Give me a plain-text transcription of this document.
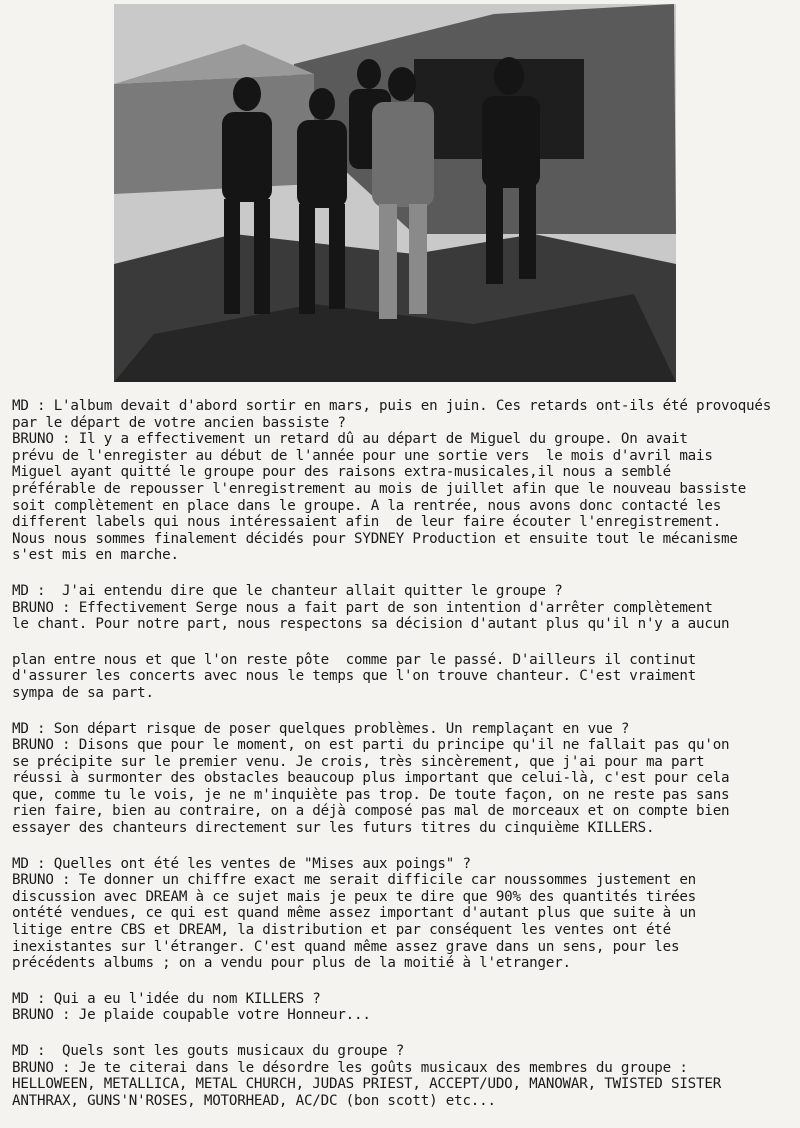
MD : L'album devait d'abord sortir en mars, puis en juin. Ces retards ont-ils été provoqués
par le départ de votre ancien bassiste ?
BRUNO : Il y a effectivement un retard dû au départ de Miguel du groupe. On avait
prévu de l'enregister au début de l'année pour une sortie vers  le mois d'avril mais
Miguel ayant quitté le groupe pour des raisons extra-musicales,il nous a semblé
préférable de repousser l'enregistrement au mois de juillet afin que le nouveau bassiste
soit complètement en place dans le groupe. A la rentrée, nous avons donc contacté les
different labels qui nous intéressaient afin  de leur faire écouter l'enregistrement.
Nous nous sommes finalement décidés pour SYDNEY Production et ensuite tout le mécanisme
s'est mis en marche.
MD :  J'ai entendu dire que le chanteur allait quitter le groupe ?
BRUNO : Effectivement Serge nous a fait part de son intention d'arrêter complètement
le chant. Pour notre part, nous respectons sa décision d'autant plus qu'il n'y a aucun
plan entre nous et que l'on reste pôte  comme par le passé. D'ailleurs il continut
d'assurer les concerts avec nous le temps que l'on trouve chanteur. C'est vraiment
sympa de sa part.
MD : Son départ risque de poser quelques problèmes. Un remplaçant en vue ?
BRUNO : Disons que pour le moment, on est parti du principe qu'il ne fallait pas qu'on
se précipite sur le premier venu. Je crois, très sincèrement, que j'ai pour ma part
réussi à surmonter des obstacles beaucoup plus important que celui-là, c'est pour cela
que, comme tu le vois, je ne m'inquiète pas trop. De toute façon, on ne reste pas sans
rien faire, bien au contraire, on a déjà composé pas mal de morceaux et on compte bien
essayer des chanteurs directement sur les futurs titres du cinquième KILLERS.
MD : Quelles ont été les ventes de "Mises aux poings" ?
BRUNO : Te donner un chiffre exact me serait difficile car noussommes justement en
discussion avec DREAM à ce sujet mais je peux te dire que 90% des quantités tirées
ontété vendues, ce qui est quand même assez important d'autant plus que suite à un
litige entre CBS et DREAM, la distribution et par conséquent les ventes ont été
inexistantes sur l'étranger. C'est quand même assez grave dans un sens, pour les
précédents albums ; on a vendu pour plus de la moitié à l'etranger.
MD : Qui a eu l'idée du nom KILLERS ?
BRUNO : Je plaide coupable votre Honneur...
MD :  Quels sont les gouts musicaux du groupe ?
BRUNO : Je te citerai dans le désordre les goûts musicaux des membres du groupe :
HELLOWEEN, METALLICA, METAL CHURCH, JUDAS PRIEST, ACCEPT/UDO, MANOWAR, TWISTED SISTER
ANTHRAX, GUNS'N'ROSES, MOTORHEAD, AC/DC (bon scott) etc...
